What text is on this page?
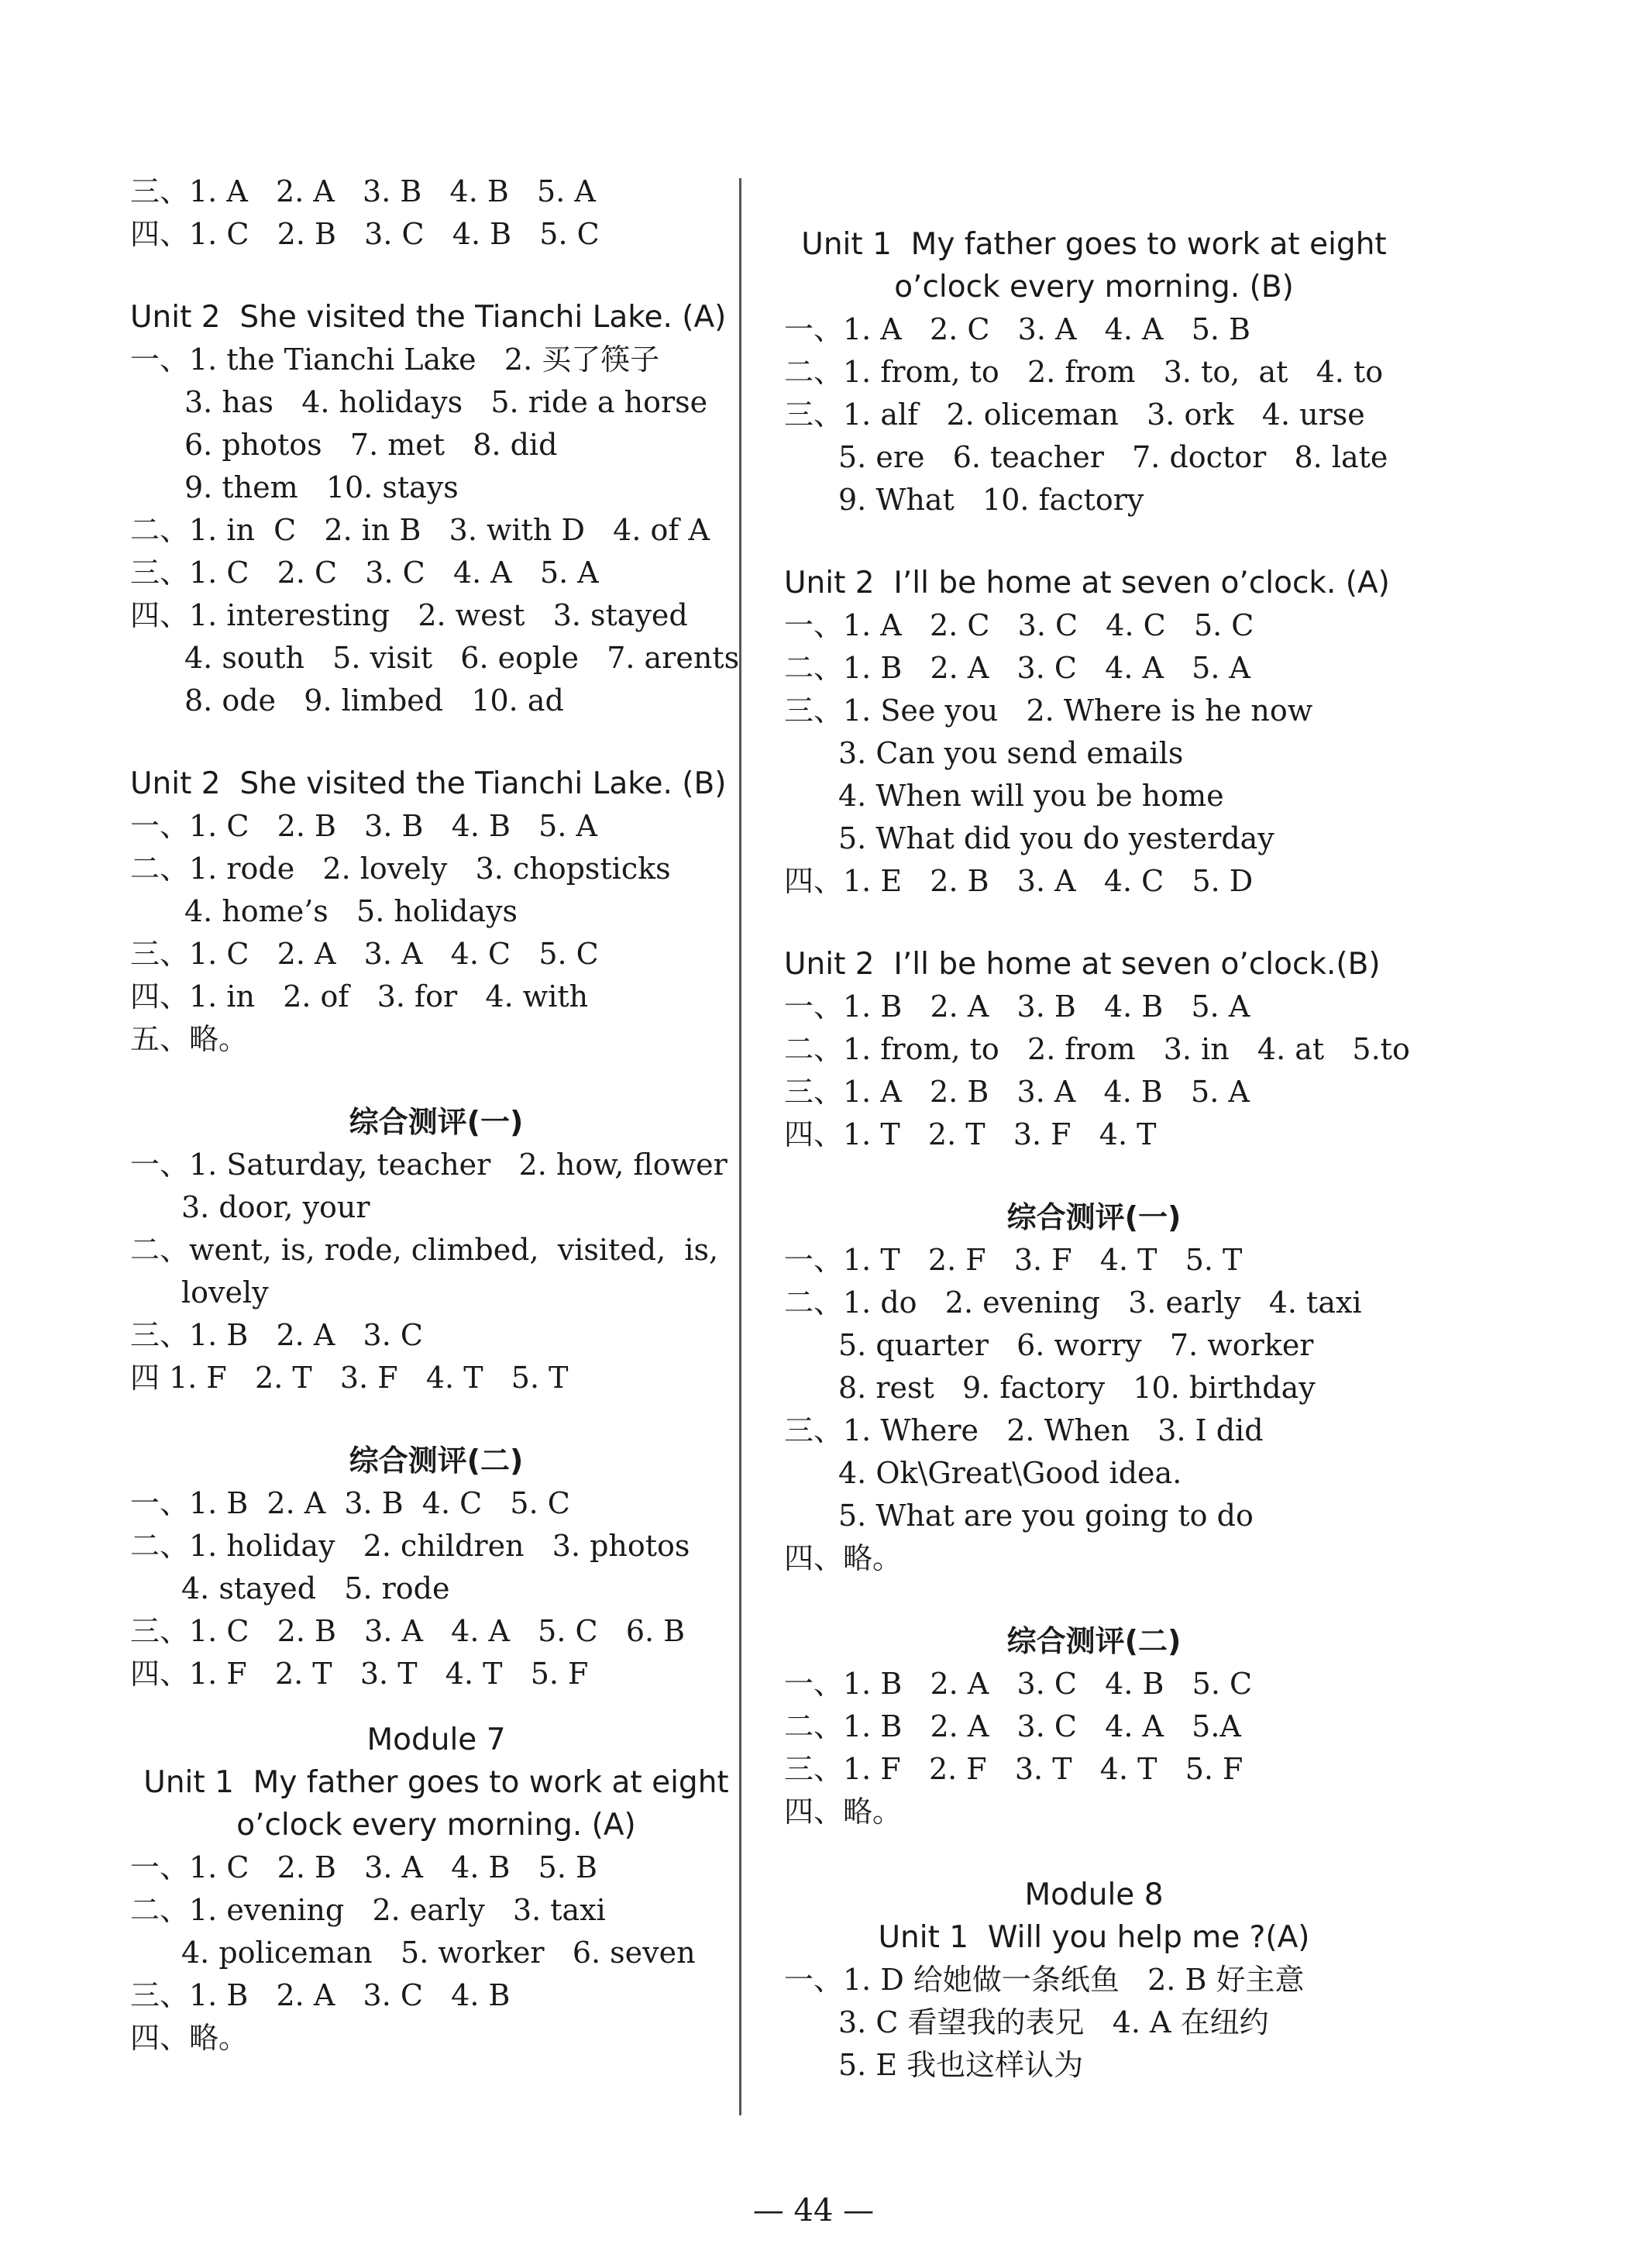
三、1. A   2. A   3. B   4. B   5. A
四、1. C   2. B   3. C   4. B   5. C
Unit 2  She visited the Tianchi Lake. (A)
一、1. the Tianchi Lake   2. 买了筷子
3. has   4. holidays   5. ride a horse
6. photos   7. met   8. did
9. them   10. stays
二、1. in  C   2. in B   3. with D   4. of A
三、1. C   2. C   3. C   4. A   5. A
四、1. interesting   2. west   3. stayed
4. south   5. visit   6. eople   7. arents
8. ode   9. limbed   10. ad
Unit 2  She visited the Tianchi Lake. (B)
一、1. C   2. B   3. B   4. B   5. A
二、1. rode   2. lovely   3. chopsticks
4. home’s   5. holidays
三、1. C   2. A   3. A   4. C   5. C
四、1. in   2. of   3. for   4. with
五、略。
综合测评(一)
一、1. Saturday, teacher   2. how, flower
3. door, your
二、went, is, rode, climbed,  visited,  is,
lovely
三、1. B   2. A   3. C
四 1. F   2. T   3. F   4. T   5. T
综合测评(二)
一、1. B  2. A  3. B  4. C   5. C
二、1. holiday   2. children   3. photos
4. stayed   5. rode
三、1. C   2. B   3. A   4. A   5. C   6. B
四、1. F   2. T   3. T   4. T   5. F
Module 7
Unit 1  My father goes to work at eight
o’clock every morning. (A)
一、1. C   2. B   3. A   4. B   5. B
二、1. evening   2. early   3. taxi
4. policeman   5. worker   6. seven
三、1. B   2. A   3. C   4. B
四、略。
Unit 1  My father goes to work at eight
o’clock every morning. (B)
一、1. A   2. C   3. A   4. A   5. B
二、1. from, to   2. from   3. to,  at   4. to
三、1. alf   2. oliceman   3. ork   4. urse
5. ere   6. teacher   7. doctor   8. late
9. What   10. factory
Unit 2  I’ll be home at seven o’clock. (A)
一、1. A   2. C   3. C   4. C   5. C
二、1. B   2. A   3. C   4. A   5. A
三、1. See you   2. Where is he now
3. Can you send emails
4. When will you be home
5. What did you do yesterday
四、1. E   2. B   3. A   4. C   5. D
Unit 2  I’ll be home at seven o’clock.(B)
一、1. B   2. A   3. B   4. B   5. A
二、1. from, to   2. from   3. in   4. at   5.to
三、1. A   2. B   3. A   4. B   5. A
四、1. T   2. T   3. F   4. T
综合测评(一)
一、1. T   2. F   3. F   4. T   5. T
二、1. do   2. evening   3. early   4. taxi
5. quarter   6. worry   7. worker
8. rest   9. factory   10. birthday
三、1. Where   2. When   3. I did
4. Ok\Great\Good idea.
5. What are you going to do
四、略。
综合测评(二)
一、1. B   2. A   3. C   4. B   5. C
二、1. B   2. A   3. C   4. A   5.A
三、1. F   2. F   3. T   4. T   5. F
四、略。
Module 8
Unit 1  Will you help me ?(A)
一、1. D 给她做一条纸鱼   2. B 好主意
3. C 看望我的表兄   4. A 在纽约
5. E 我也这样认为
— 44 —
